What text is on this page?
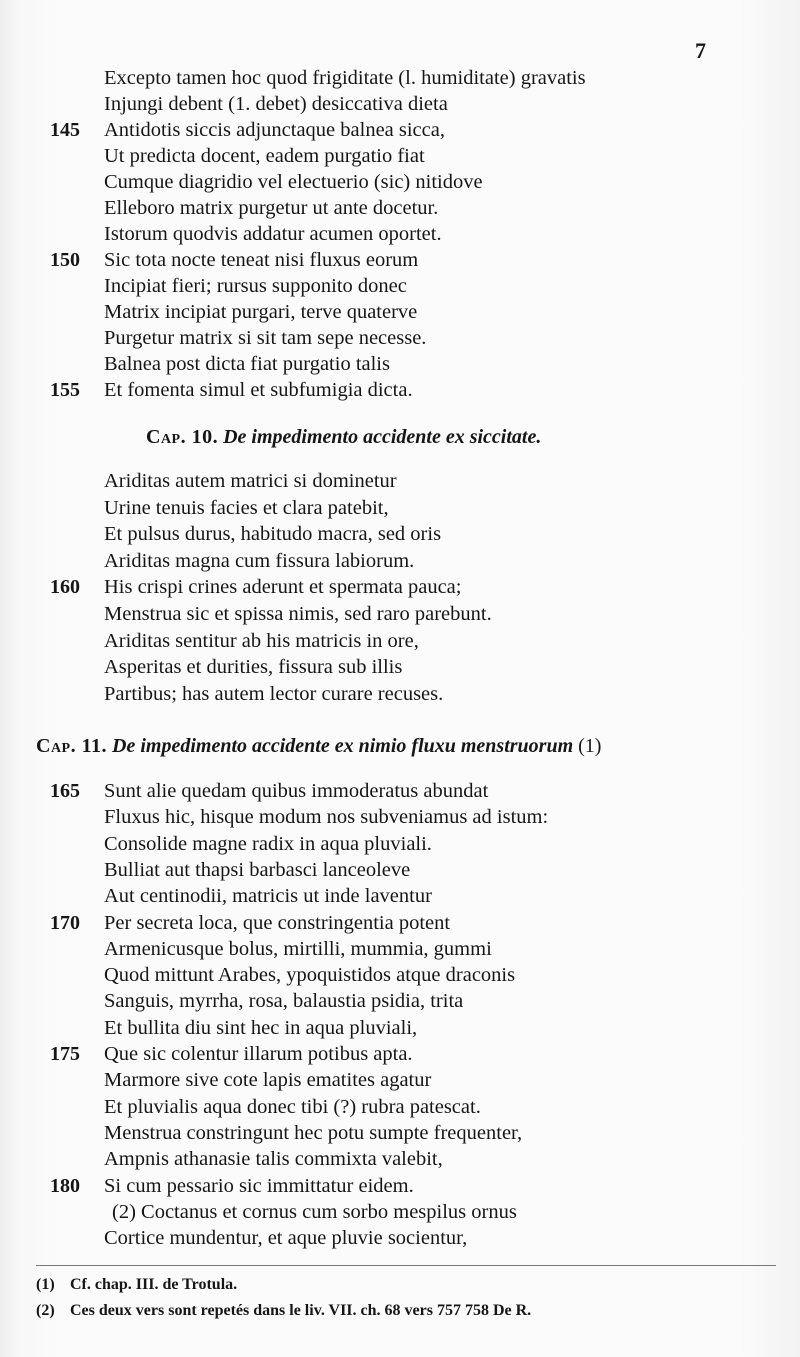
7
Excepto tamen hoc quod frigiditate (l. humiditate) gravatis
Injungi debent (1. debet) desiccativa dieta
145	Antidotis siccis adjunctaque balnea sicca,
Ut predicta docent, eadem purgatio fiat
Cumque diagridio vel electuerio (sic) nitidove
Elleboro matrix purgetur ut ante docetur.
Istorum quodvis addatur acumen oportet.
150	Sic tota nocte teneat nisi fluxus eorum
Incipiat fieri; rursus supponito donec
Matrix incipiat purgari, terve quaterve
Purgetur matrix si sit tam sepe necesse.
Balnea post dicta fiat purgatio talis
155	Et fomenta simul et subfumigia dicta.
Cap. 10. De impedimento accidente ex siccitate.
Ariditas autem matrici si dominetur
Urine tenuis facies et clara patebit,
Et pulsus durus, habitudo macra, sed oris
Ariditas magna cum fissura labiorum.
160	His crispi crines aderunt et spermata pauca;
Menstrua sic et spissa nimis, sed raro parebunt.
Ariditas sentitur ab his matricis in ore,
Asperitas et durities, fissura sub illis
Partibus; has autem lector curare recuses.
Cap. 11. De impedimento accidente ex nimio fluxu menstruorum (1)
165	Sunt alie quedam quibus immoderatus abundat
Fluxus hic, hisque modum nos subveniamus ad istum:
Consolide magne radix in aqua pluviali.
Bulliat aut thapsi barbasci lanceoleve
Aut centinodii, matricis ut inde laventur
170	Per secreta loca, que constringentia potent
Armenicusque bolus, mirtilli, mummia, gummi
Quod mittunt Arabes, ypoquistidos atque draconis
Sanguis, myrrha, rosa, balaustia psidia, trita
Et bullita diu sint hec in aqua pluviali,
175	Que sic colentur illarum potibus apta.
Marmore sive cote lapis ematites agatur
Et pluvialis aqua donec tibi (?) rubra patescat.
Menstrua constringunt hec potu sumpte frequenter,
Ampnis athanasie talis commixta valebit,
180	Si cum pessario sic immittatur eidem.
(2) Coctanus et cornus cum sorbo mespilus ornus
Cortice mundentur, et aque pluvie socientur,
(1) Cf. chap. III. de Trotula.
(2) Ces deux vers sont repetés dans le liv. VII. ch. 68 vers 757 758 De R.
